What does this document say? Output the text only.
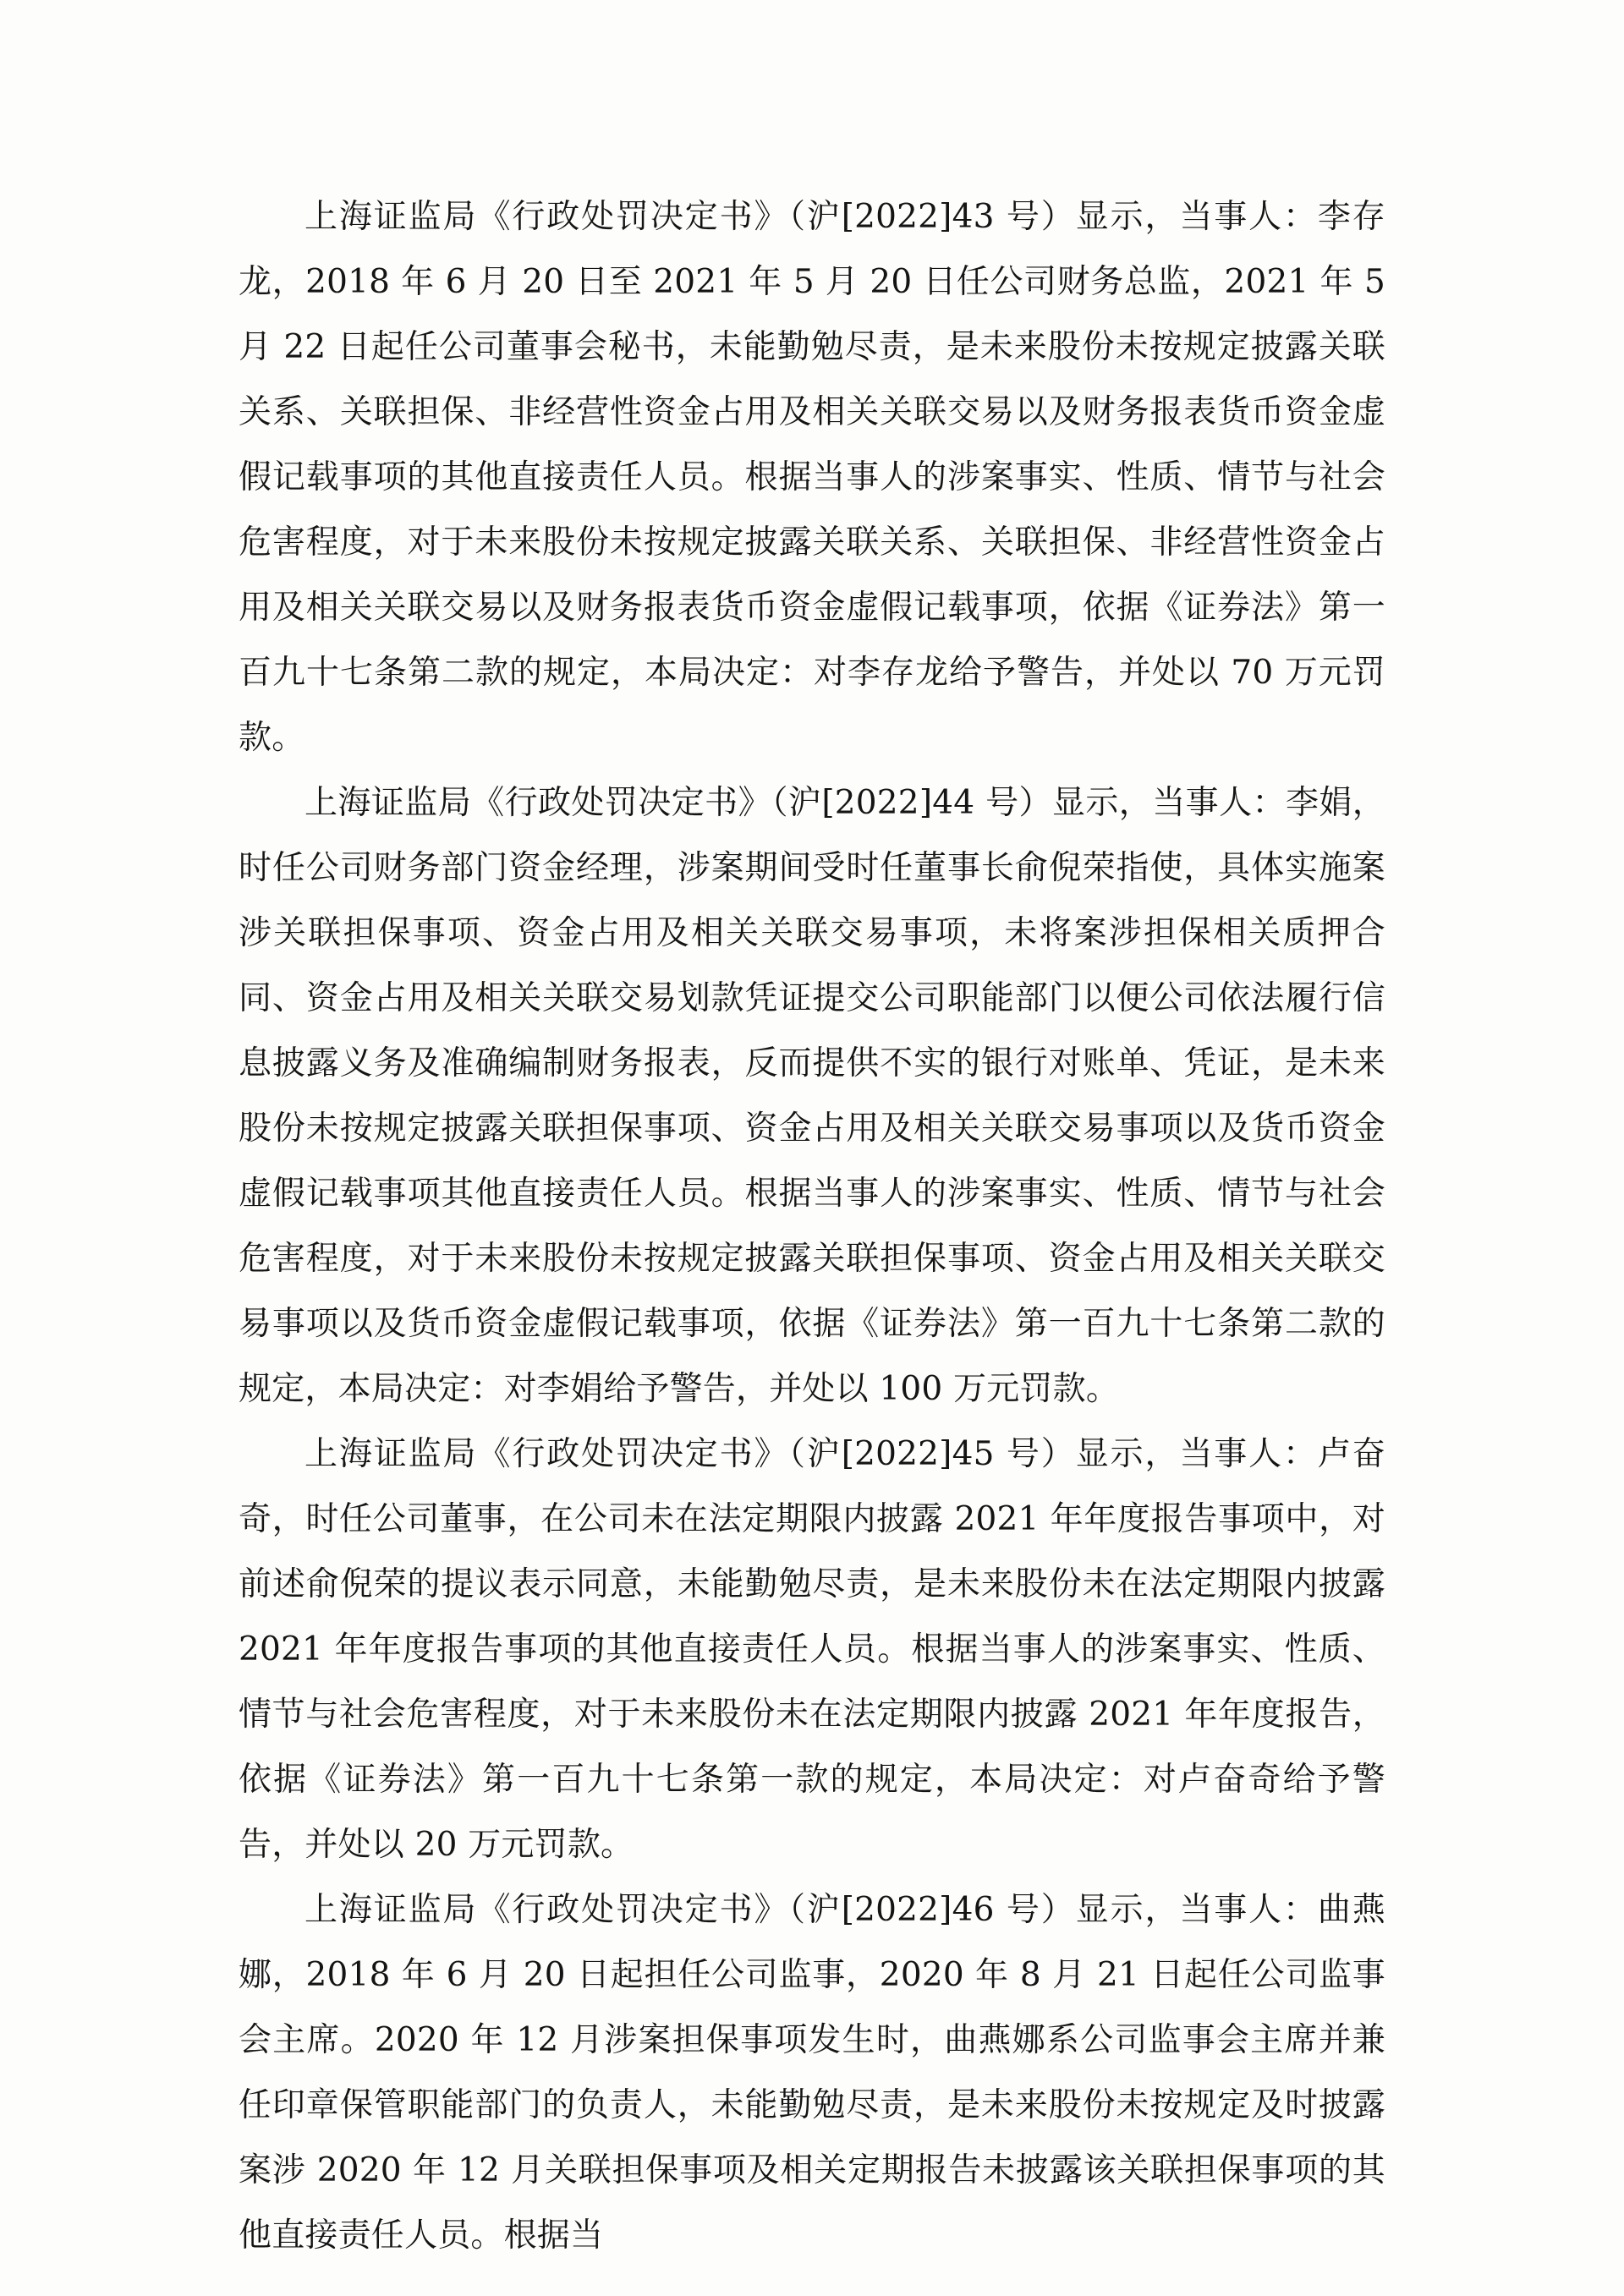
上海证监局《行政处罚决定书》（沪[2022]43 号）显示，当事人：李存龙，2018 年 6 月 20 日至 2021 年 5 月 20 日任公司财务总监，2021 年 5 月 22 日起任公司董事会秘书，未能勤勉尽责，是未来股份未按规定披露关联关系、关联担保、非经营性资金占用及相关关联交易以及财务报表货币资金虚假记载事项的其他直接责任人员。根据当事人的涉案事实、性质、情节与社会危害程度，对于未来股份未按规定披露关联关系、关联担保、非经营性资金占用及相关关联交易以及财务报表货币资金虚假记载事项，依据《证券法》第一百九十七条第二款的规定，本局决定：对李存龙给予警告，并处以 70 万元罚款。

上海证监局《行政处罚决定书》（沪[2022]44 号）显示，当事人：李娟，时任公司财务部门资金经理，涉案期间受时任董事长俞倪荣指使，具体实施案涉关联担保事项、资金占用及相关关联交易事项，未将案涉担保相关质押合同、资金占用及相关关联交易划款凭证提交公司职能部门以便公司依法履行信息披露义务及准确编制财务报表，反而提供不实的银行对账单、凭证，是未来股份未按规定披露关联担保事项、资金占用及相关关联交易事项以及货币资金虚假记载事项其他直接责任人员。根据当事人的涉案事实、性质、情节与社会危害程度，对于未来股份未按规定披露关联担保事项、资金占用及相关关联交易事项以及货币资金虚假记载事项，依据《证券法》第一百九十七条第二款的规定，本局决定：对李娟给予警告，并处以 100 万元罚款。

上海证监局《行政处罚决定书》（沪[2022]45 号）显示，当事人：卢奋奇，时任公司董事，在公司未在法定期限内披露 2021 年年度报告事项中，对前述俞倪荣的提议表示同意，未能勤勉尽责，是未来股份未在法定期限内披露 2021 年年度报告事项的其他直接责任人员。根据当事人的涉案事实、性质、情节与社会危害程度，对于未来股份未在法定期限内披露 2021 年年度报告，依据《证券法》第一百九十七条第一款的规定，本局决定：对卢奋奇给予警告，并处以 20 万元罚款。

上海证监局《行政处罚决定书》（沪[2022]46 号）显示，当事人：曲燕娜，2018 年 6 月 20 日起担任公司监事，2020 年 8 月 21 日起任公司监事会主席。2020 年 12 月涉案担保事项发生时，曲燕娜系公司监事会主席并兼任印章保管职能部门的负责人，未能勤勉尽责，是未来股份未按规定及时披露案涉 2020 年 12 月关联担保事项及相关定期报告未披露该关联担保事项的其他直接责任人员。根据当
